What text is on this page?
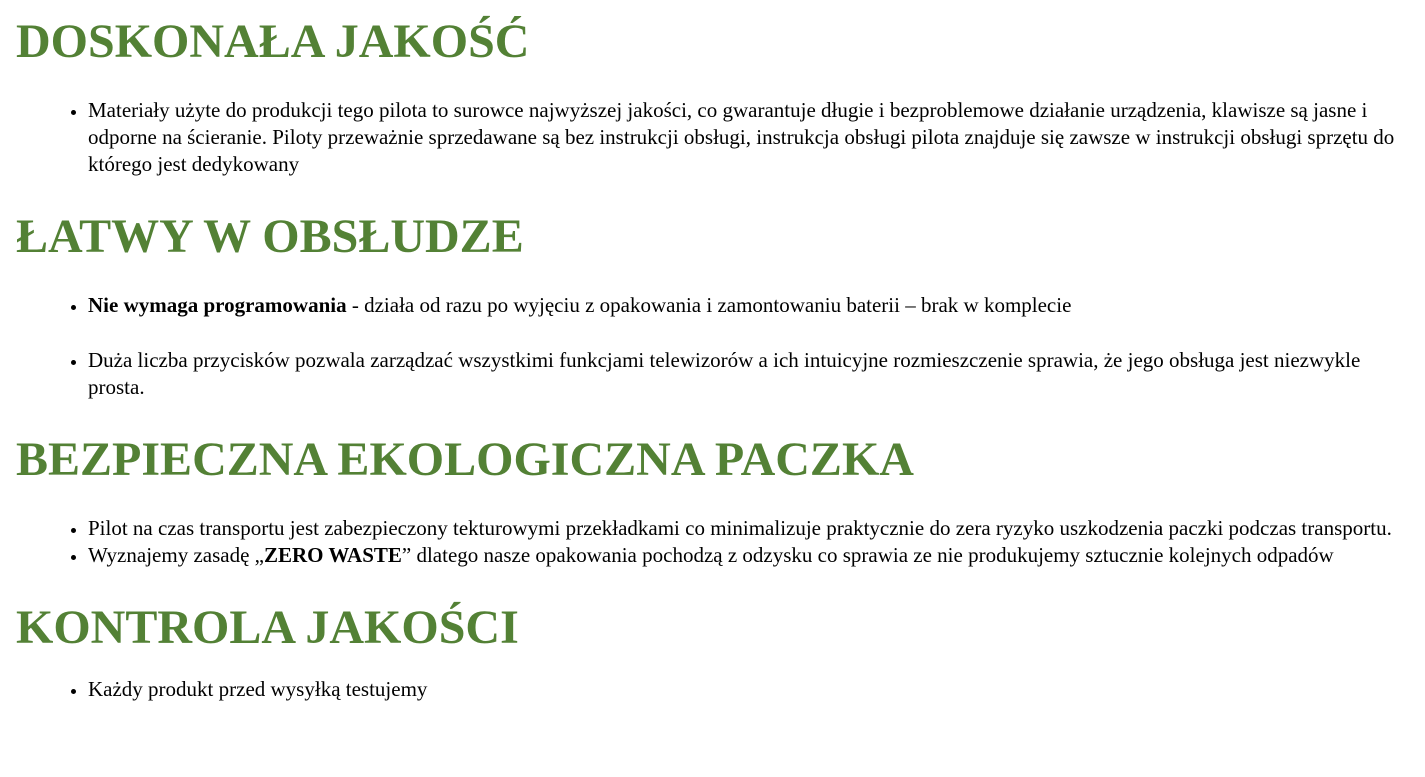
DOSKONAŁA JAKOŚĆ
• Materiały użyte do produkcji tego pilota to surowce najwyższej jakości, co gwarantuje długie i bezproblemowe działanie urządzenia, klawisze są jasne i odporne na ścieranie. Piloty przeważnie sprzedawane są bez instrukcji obsługi, instrukcja obsługi pilota znajduje się zawsze w instrukcji obsługi sprzętu do którego jest dedykowany
ŁATWY W OBSŁUDZE
• Nie wymaga programowania - działa od razu po wyjęciu z opakowania i zamontowaniu baterii – brak w komplecie
• Duża liczba przycisków pozwala zarządzać wszystkimi funkcjami telewizorów a ich intuicyjne rozmieszczenie sprawia, że jego obsługa jest niezwykle prosta.
BEZPIECZNA EKOLOGICZNA PACZKA
• Pilot na czas transportu jest zabezpieczony tekturowymi przekładkami co minimalizuje praktycznie do zera ryzyko uszkodzenia paczki podczas transportu.
• Wyznajemy zasadę „ZERO WASTE” dlatego nasze opakowania pochodzą z odzysku co sprawia ze nie produkujemy sztucznie kolejnych odpadów
KONTROLA JAKOŚCI
• Każdy produkt przed wysyłką testujemy
